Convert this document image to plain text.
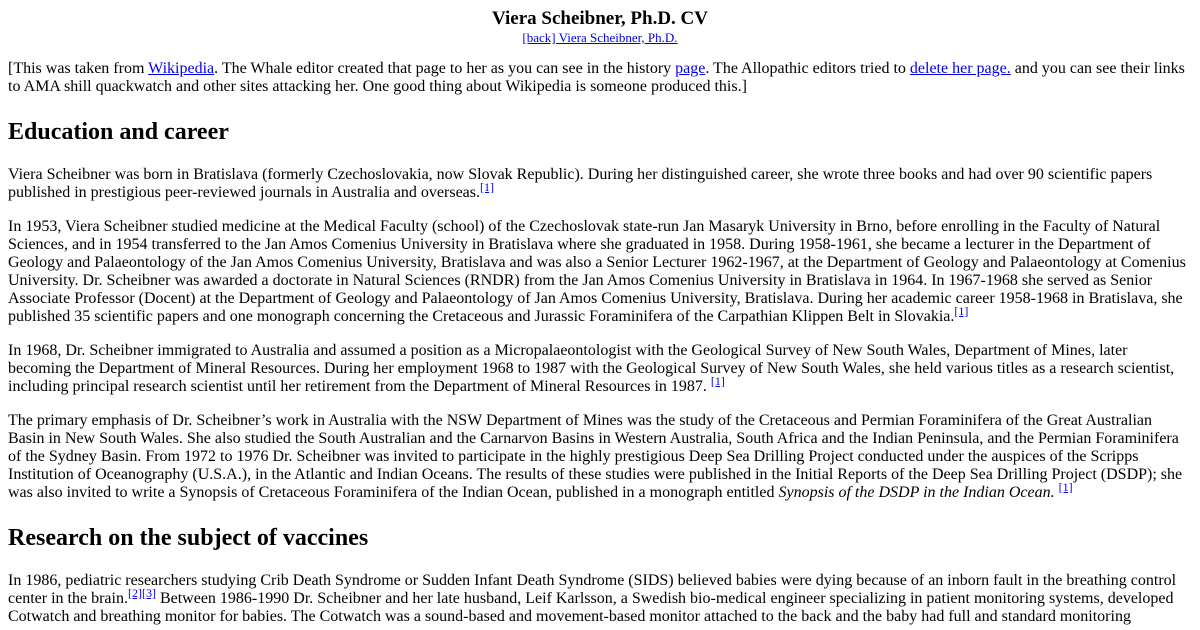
Viera Scheibner, Ph.D. CV
[back] Viera Scheibner, Ph.D.

[This was taken from Wikipedia. The Whale editor created that page to her as you can see in the history page. The Allopathic editors tried to delete her page. and you can see their links to AMA shill quackwatch and other sites attacking her. One good thing about Wikipedia is someone produced this.]

Education and career

Viera Scheibner was born in Bratislava (formerly Czechoslovakia, now Slovak Republic). During her distinguished career, she wrote three books and had over 90 scientific papers published in prestigious peer-reviewed journals in Australia and overseas.[1]

In 1953, Viera Scheibner studied medicine at the Medical Faculty (school) of the Czechoslovak state-run Jan Masaryk University in Brno, before enrolling in the Faculty of Natural Sciences, and in 1954 transferred to the Jan Amos Comenius University in Bratislava where she graduated in 1958. During 1958-1961, she became a lecturer in the Department of Geology and Palaeontology of the Jan Amos Comenius University, Bratislava and was also a Senior Lecturer 1962-1967, at the Department of Geology and Palaeontology at Comenius University. Dr. Scheibner was awarded a doctorate in Natural Sciences (RNDR) from the Jan Amos Comenius University in Bratislava in 1964. In 1967-1968 she served as Senior Associate Professor (Docent) at the Department of Geology and Palaeontology of Jan Amos Comenius University, Bratislava. During her academic career 1958-1968 in Bratislava, she published 35 scientific papers and one monograph concerning the Cretaceous and Jurassic Foraminifera of the Carpathian Klippen Belt in Slovakia.[1]

In 1968, Dr. Scheibner immigrated to Australia and assumed a position as a Micropalaeontologist with the Geological Survey of New South Wales, Department of Mines, later becoming the Department of Mineral Resources. During her employment 1968 to 1987 with the Geological Survey of New South Wales, she held various titles as a research scientist, including principal research scientist until her retirement from the Department of Mineral Resources in 1987. [1]

The primary emphasis of Dr. Scheibner’s work in Australia with the NSW Department of Mines was the study of the Cretaceous and Permian Foraminifera of the Great Australian Basin in New South Wales. She also studied the South Australian and the Carnarvon Basins in Western Australia, South Africa and the Indian Peninsula, and the Permian Foraminifera of the Sydney Basin. From 1972 to 1976 Dr. Scheibner was invited to participate in the highly prestigious Deep Sea Drilling Project conducted under the auspices of the Scripps Institution of Oceanography (U.S.A.), in the Atlantic and Indian Oceans. The results of these studies were published in the Initial Reports of the Deep Sea Drilling Project (DSDP); she was also invited to write a Synopsis of Cretaceous Foraminifera of the Indian Ocean, published in a monograph entitled Synopsis of the DSDP in the Indian Ocean. [1]

Research on the subject of vaccines

In 1986, pediatric researchers studying Crib Death Syndrome or Sudden Infant Death Syndrome (SIDS) believed babies were dying because of an inborn fault in the breathing control center in the brain.[2][3] Between 1986-1990 Dr. Scheibner and her late husband, Leif Karlsson, a Swedish bio-medical engineer specializing in patient monitoring systems, developed Cotwatch and breathing monitor for babies. The Cotwatch was a sound-based and movement-based monitor attached to the back and the baby had full and standard monitoring
